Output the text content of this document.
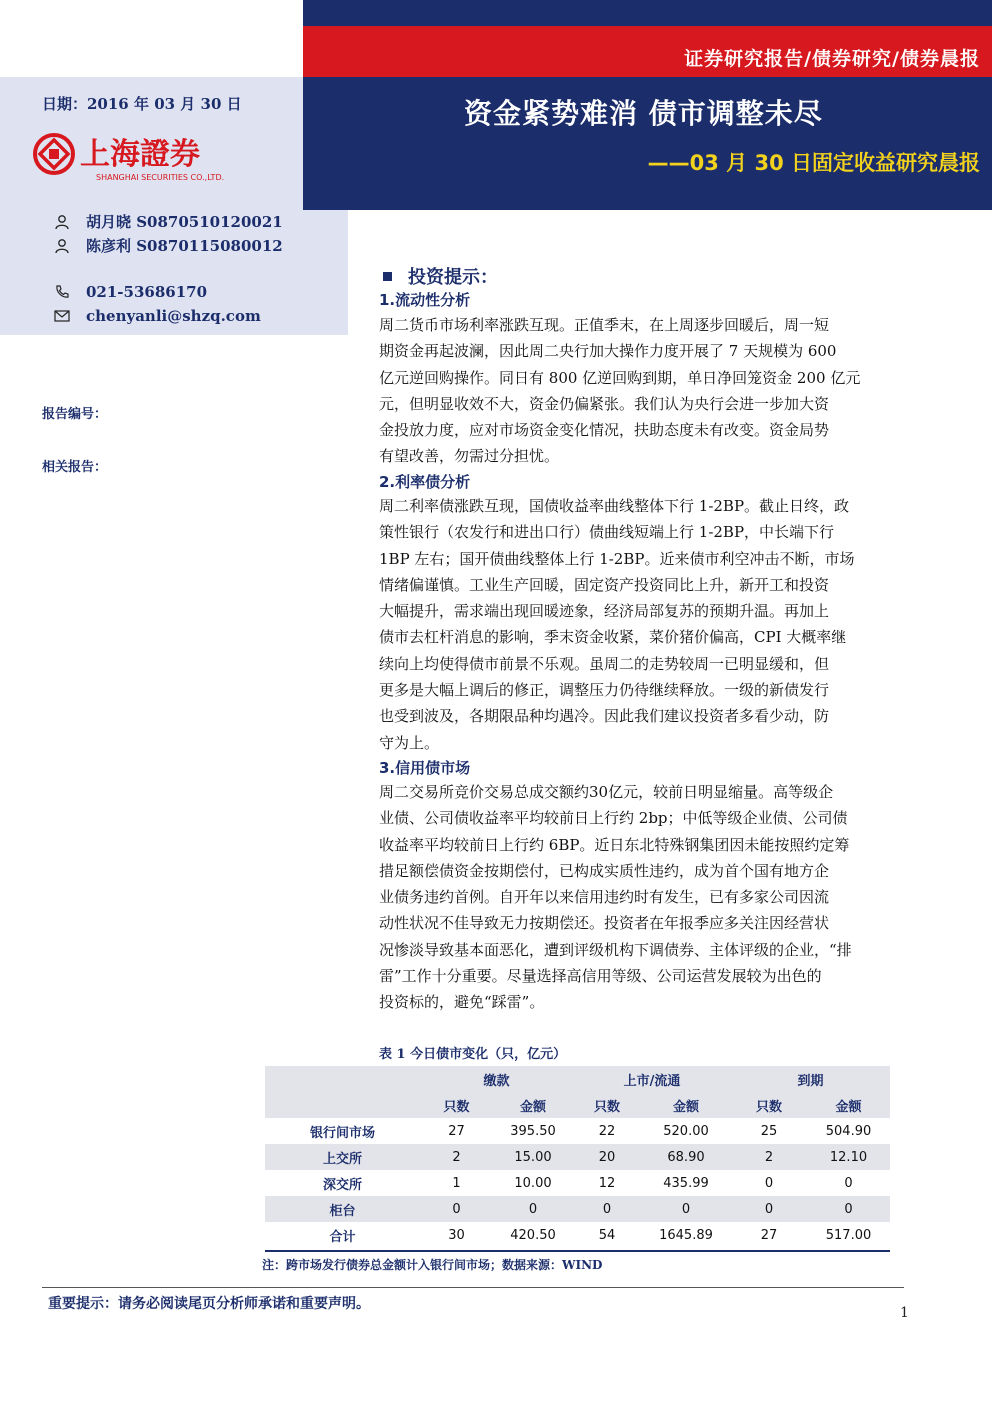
证券研究报告/债券研究/债券晨报
资金紧势难消 债市调整未尽
——03 月 30 日固定收益研究晨报
日期：2016 年 03 月 30 日
上海證券
SHANGHAI SECURITIES CO.,LTD.
胡月晓 S0870510120021
陈彦利 S0870115080012
021-53686170
chenyanli@shzq.com
报告编号：
相关报告：
投资提示：
1.流动性分析
周二货币市场利率涨跌互现。正值季末，在上周逐步回暖后，周一短
期资金再起波澜，因此周二央行加大操作力度开展了 7 天规模为 600
亿元逆回购操作。同日有 800 亿逆回购到期，单日净回笼资金 200 亿元
元，但明显收效不大，资金仍偏紧张。我们认为央行会进一步加大资
金投放力度，应对市场资金变化情况，扶助态度未有改变。资金局势
有望改善，勿需过分担忧。
2.利率债分析
周二利率债涨跌互现，国债收益率曲线整体下行 1-2BP。截止日终，政
策性银行（农发行和进出口行）债曲线短端上行 1-2BP，中长端下行
1BP 左右；国开债曲线整体上行 1-2BP。近来债市利空冲击不断，市场
情绪偏谨慎。工业生产回暖，固定资产投资同比上升，新开工和投资
大幅提升，需求端出现回暖迹象，经济局部复苏的预期升温。再加上
债市去杠杆消息的影响，季末资金收紧，菜价猪价偏高，CPI 大概率继
续向上均使得债市前景不乐观。虽周二的走势较周一已明显缓和，但
更多是大幅上调后的修正，调整压力仍待继续释放。一级的新债发行
也受到波及，各期限品种均遇冷。因此我们建议投资者多看少动，防
守为上。
3.信用债市场
周二交易所竞价交易总成交额约30亿元，较前日明显缩量。高等级企
业债、公司债收益率平均较前日上行约 2bp；中低等级企业债、公司债
收益率平均较前日上行约 6BP。近日东北特殊钢集团因未能按照约定筹
措足额偿债资金按期偿付，已构成实质性违约，成为首个国有地方企
业债务违约首例。自开年以来信用违约时有发生，已有多家公司因流
动性状况不佳导致无力按期偿还。投资者在年报季应多关注因经营状
况惨淡导致基本面恶化，遭到评级机构下调债券、主体评级的企业，“排
雷”工作十分重要。尽量选择高信用等级、公司运营发展较为出色的
投资标的，避免“踩雷”。
表 1 今日债市变化（只，亿元）
	缴款		上市/流通		到期	
	只数	金额	只数	金额	只数	金额
银行间市场	27	395.50	22	520.00	25	504.90
上交所	2	15.00	20	68.90	2	12.10
深交所	1	10.00	12	435.99	0	0
柜台	0	0	0	0	0	0
合计	30	420.50	54	1645.89	27	517.00
注：跨市场发行债券总金额计入银行间市场；数据来源：WIND
重要提示：请务必阅读尾页分析师承诺和重要声明。
1
